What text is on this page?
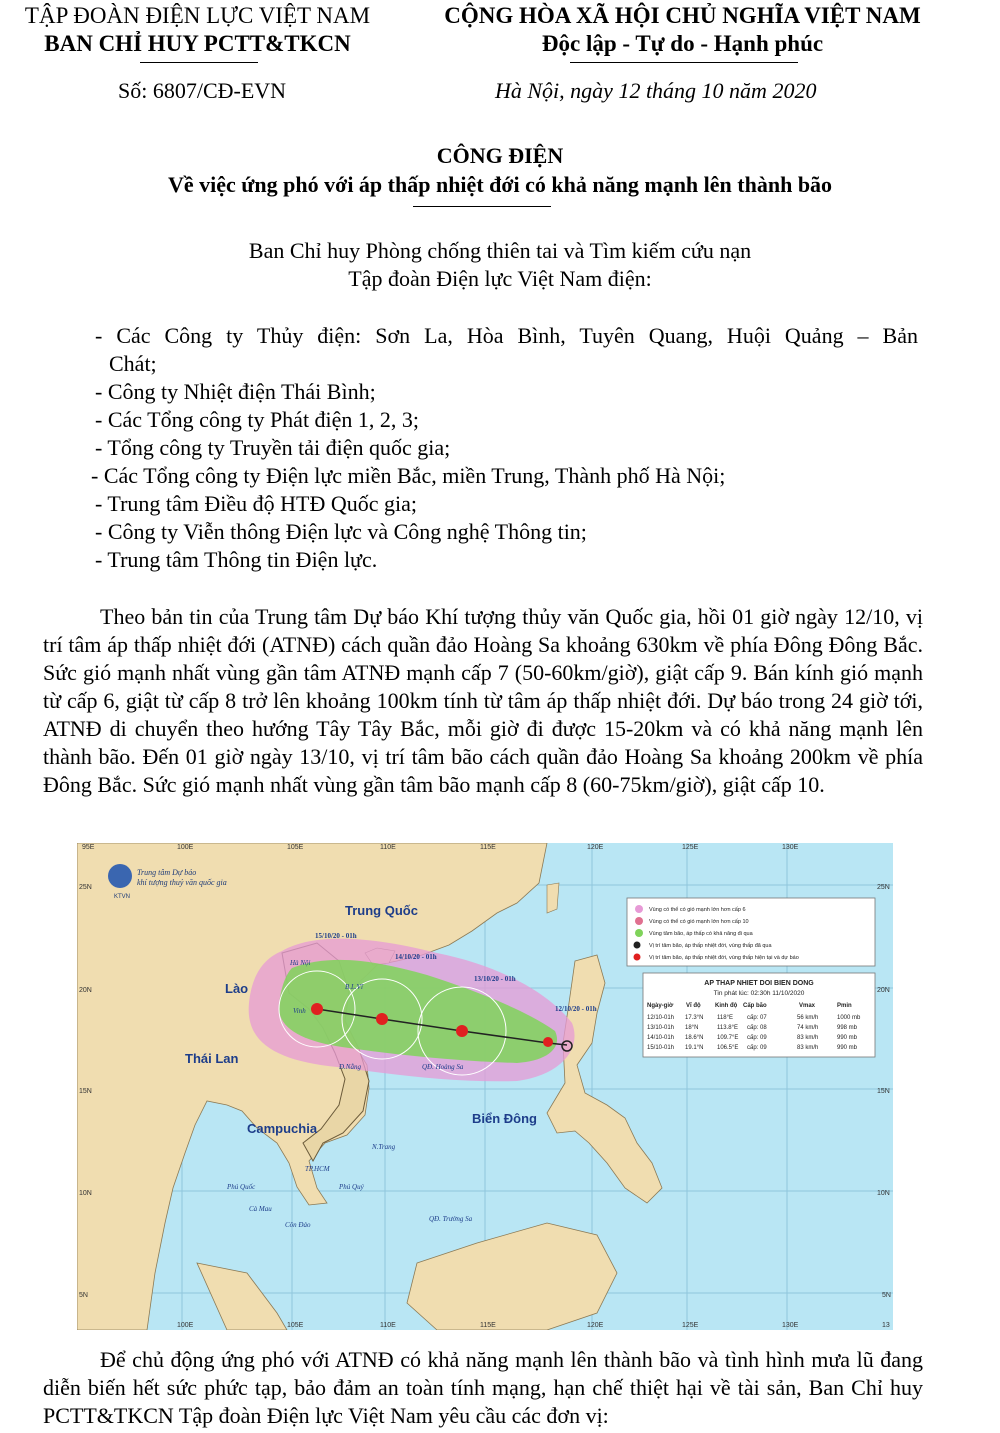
TẬP ĐOÀN ĐIỆN LỰC VIỆT NAM
BAN CHỈ HUY PCTT&TKCN
CỘNG HÒA XÃ HỘI CHỦ NGHĨA VIỆT NAM
Độc lập - Tự do - Hạnh phúc
Số: 6807/CĐ-EVN	Hà Nội, ngày 12 tháng 10 năm 2020
CÔNG ĐIỆN
Về việc ứng phó với áp thấp nhiệt đới có khả năng mạnh lên thành bão
Ban Chỉ huy Phòng chống thiên tai và Tìm kiếm cứu nạn
Tập đoàn Điện lực Việt Nam điện:
- Các Công ty Thủy điện: Sơn La, Hòa Bình, Tuyên Quang, Huội Quảng – Bản
Chát;
- Công ty Nhiệt điện Thái Bình;
- Các Tổng công ty Phát điện 1, 2, 3;
- Tổng công ty Truyền tải điện quốc gia;
- Các Tổng công ty Điện lực miền Bắc, miền Trung, Thành phố Hà Nội;
- Trung tâm Điều độ HTĐ Quốc gia;
- Công ty Viễn thông Điện lực và Công nghệ Thông tin;
- Trung tâm Thông tin Điện lực.
Theo bản tin của Trung tâm Dự báo Khí tượng thủy văn Quốc gia, hồi 01 giờ ngày 12/10, vị trí tâm áp thấp nhiệt đới (ATNĐ) cách quần đảo Hoàng Sa khoảng 630km về phía Đông Đông Bắc. Sức gió mạnh nhất vùng gần tâm ATNĐ mạnh cấp 7 (50-60km/giờ), giật cấp 9. Bán kính gió mạnh từ cấp 6, giật từ cấp 8 trở lên khoảng 100km tính từ tâm áp thấp nhiệt đới. Dự báo trong 24 giờ tới, ATNĐ di chuyển theo hướng Tây Tây Bắc, mỗi giờ đi được 15-20km và có khả năng mạnh lên thành bão. Đến 01 giờ ngày 13/10, vị trí tâm bão cách quần đảo Hoàng Sa khoảng 200km về phía Đông Bắc. Sức gió mạnh nhất vùng gần tâm bão mạnh cấp 8 (60-75km/giờ), giật cấp 10.
KTVN
Trung tâm Dự báo
khí tượng thuỷ văn quốc gia
95E	100E	105E	110E	115E	120E	125E	130E
25N
20N
15N
10N
5N
25N
20N
15N
10N
5N
100E	105E	110E	115E	120E	125E	130E	13
Trung Quốc
Lào
Thái Lan
Campuchia
Biển Đông
Hà Nội
B.L.Vĩ
Vinh
Đ.Nẵng	QĐ. Hoàng Sa
N.Trang
TP.HCM
Phú Quốc	Phú Quý
Cà Mau
Côn Đảo
QĐ. Trường Sa
12/10/20 - 01h
13/10/20 - 01h
14/10/20 - 01h
15/10/20 - 01h
Vùng có thể có gió mạnh lớn hơn cấp 6
Vùng có thể có gió mạnh lớn hơn cấp 10
Vùng tâm bão, áp thấp có khả năng đi qua
Vị trí tâm bão, áp thấp nhiệt đới, vùng thấp đã qua
Vị trí tâm bão, áp thấp nhiệt đới, vùng thấp hiện tại và dự báo
AP THAP NHIET DOI BIEN DONG
Tin phát lúc: 02:30h 11/10/2020
Ngày-giờ Vĩ độ Kinh độ Cấp bão	Vmax	Pmin
12/10-01h 17.3°N 118°E cấp: 07	56 km/h	1000 mb
13/10-01h 18°N	113.8°E cấp: 08	74 km/h	998 mb
14/10-01h 18.6°N 109.7°E cấp: 09	83 km/h	990 mb
15/10-01h 19.1°N 106.5°E cấp: 09	83 km/h	990 mb
Để chủ động ứng phó với ATNĐ có khả năng mạnh lên thành bão và tình hình mưa lũ đang diễn biến hết sức phức tạp, bảo đảm an toàn tính mạng, hạn chế thiệt hại về tài sản, Ban Chỉ huy PCTT&TKCN Tập đoàn Điện lực Việt Nam yêu cầu các đơn vị:
